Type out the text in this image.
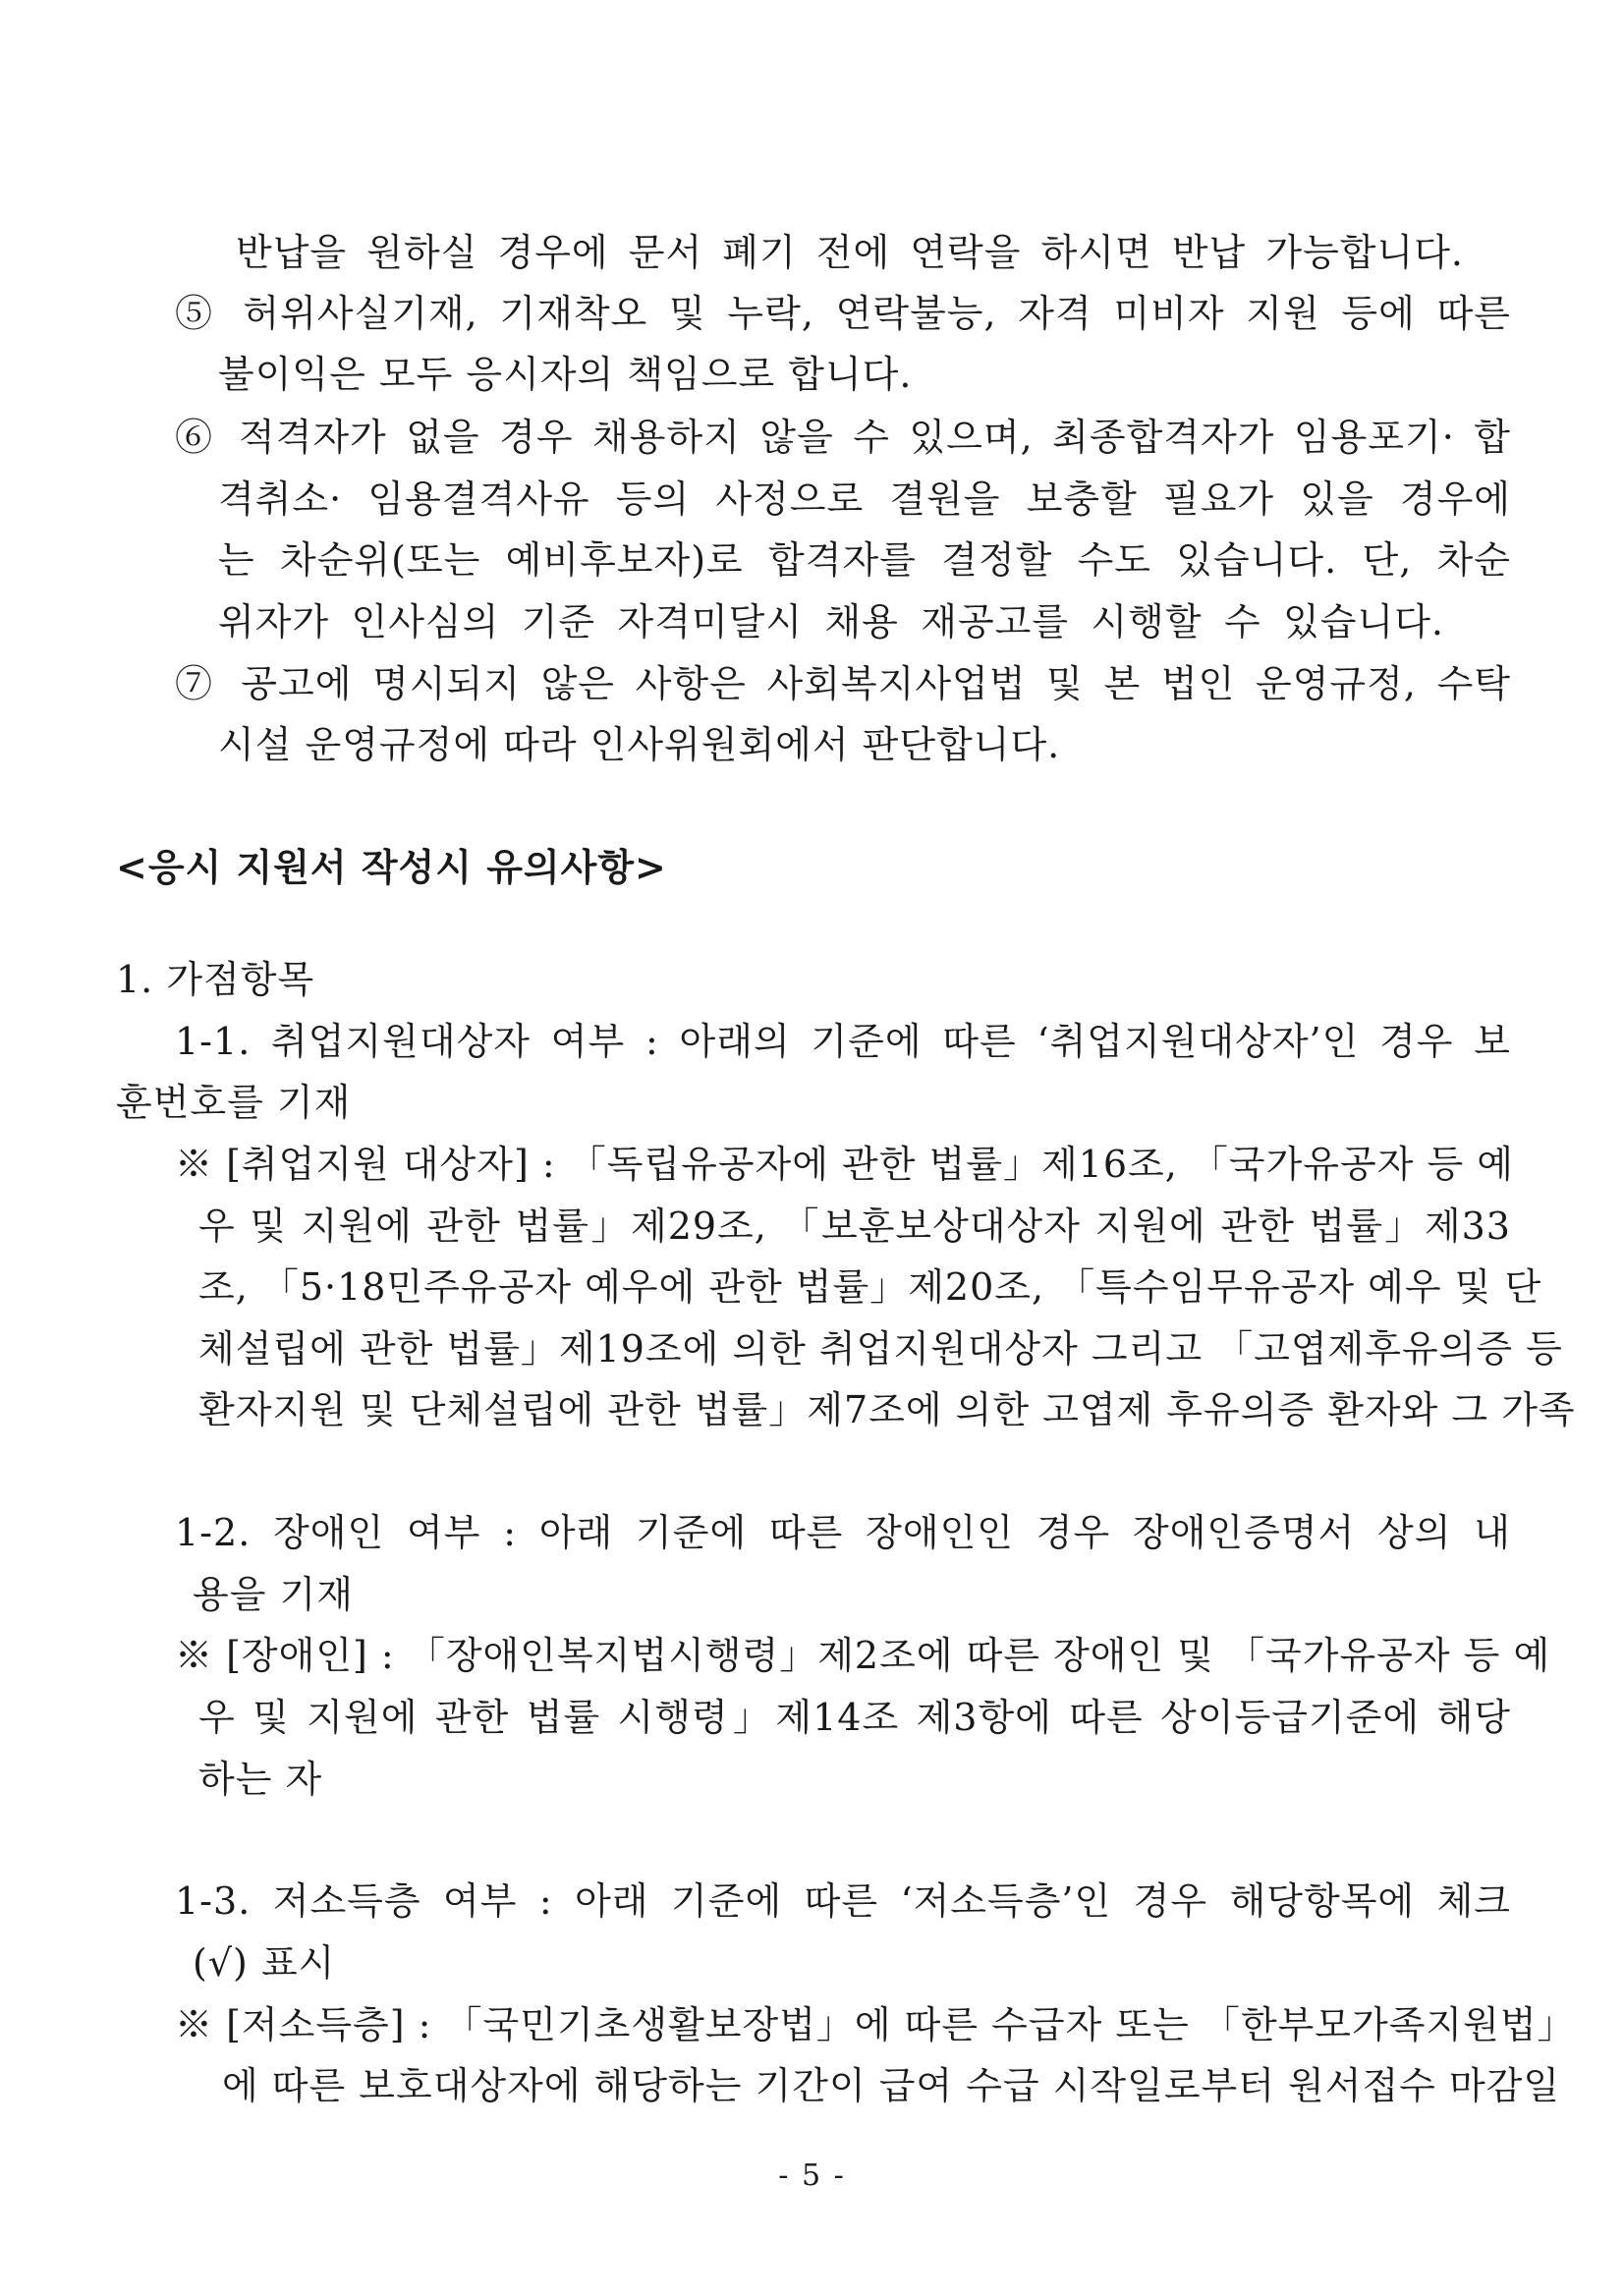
반납을 원하실 경우에 문서 폐기 전에 연락을 하시면 반납 가능합니다.
⑤ 허위사실기재, 기재착오 및 누락, 연락불능, 자격 미비자 지원 등에 따른
불이익은 모두 응시자의 책임으로 합니다.
⑥ 적격자가 없을 경우 채용하지 않을 수 있으며, 최종합격자가 임용포기· 합
격취소· 임용결격사유 등의 사정으로 결원을 보충할 필요가 있을 경우에
는 차순위(또는 예비후보자)로 합격자를 결정할 수도 있습니다. 단, 차순
위자가 인사심의 기준 자격미달시 채용 재공고를 시행할 수 있습니다.
⑦ 공고에 명시되지 않은 사항은 사회복지사업법 및 본 법인 운영규정, 수탁
시설 운영규정에 따라 인사위원회에서 판단합니다.
<응시 지원서 작성시 유의사항>
1. 가점항목
1-1. 취업지원대상자 여부 : 아래의 기준에 따른 ‘취업지원대상자’인 경우 보
훈번호를 기재
※ [취업지원 대상자] : 「독립유공자에 관한 법률」제16조, 「국가유공자 등 예
우 및 지원에 관한 법률」제29조, 「보훈보상대상자 지원에 관한 법률」제33
조, 「5·18민주유공자 예우에 관한 법률」제20조, 「특수임무유공자 예우 및 단
체설립에 관한 법률」제19조에 의한 취업지원대상자 그리고 「고엽제후유의증 등
환자지원 및 단체설립에 관한 법률」제7조에 의한 고엽제 후유의증 환자와 그 가족
1-2. 장애인 여부 : 아래 기준에 따른 장애인인 경우 장애인증명서 상의 내
용을 기재
※ [장애인] : 「장애인복지법시행령」제2조에 따른 장애인 및 「국가유공자 등 예
우 및 지원에 관한 법률 시행령」제14조 제3항에 따른 상이등급기준에 해당
하는 자
1-3. 저소득층 여부 : 아래 기준에 따른 ‘저소득층’인 경우 해당항목에 체크
(√) 표시
※ [저소득층] : 「국민기초생활보장법」에 따른 수급자 또는 「한부모가족지원법」
에 따른 보호대상자에 해당하는 기간이 급여 수급 시작일로부터 원서접수 마감일
- 5 -
